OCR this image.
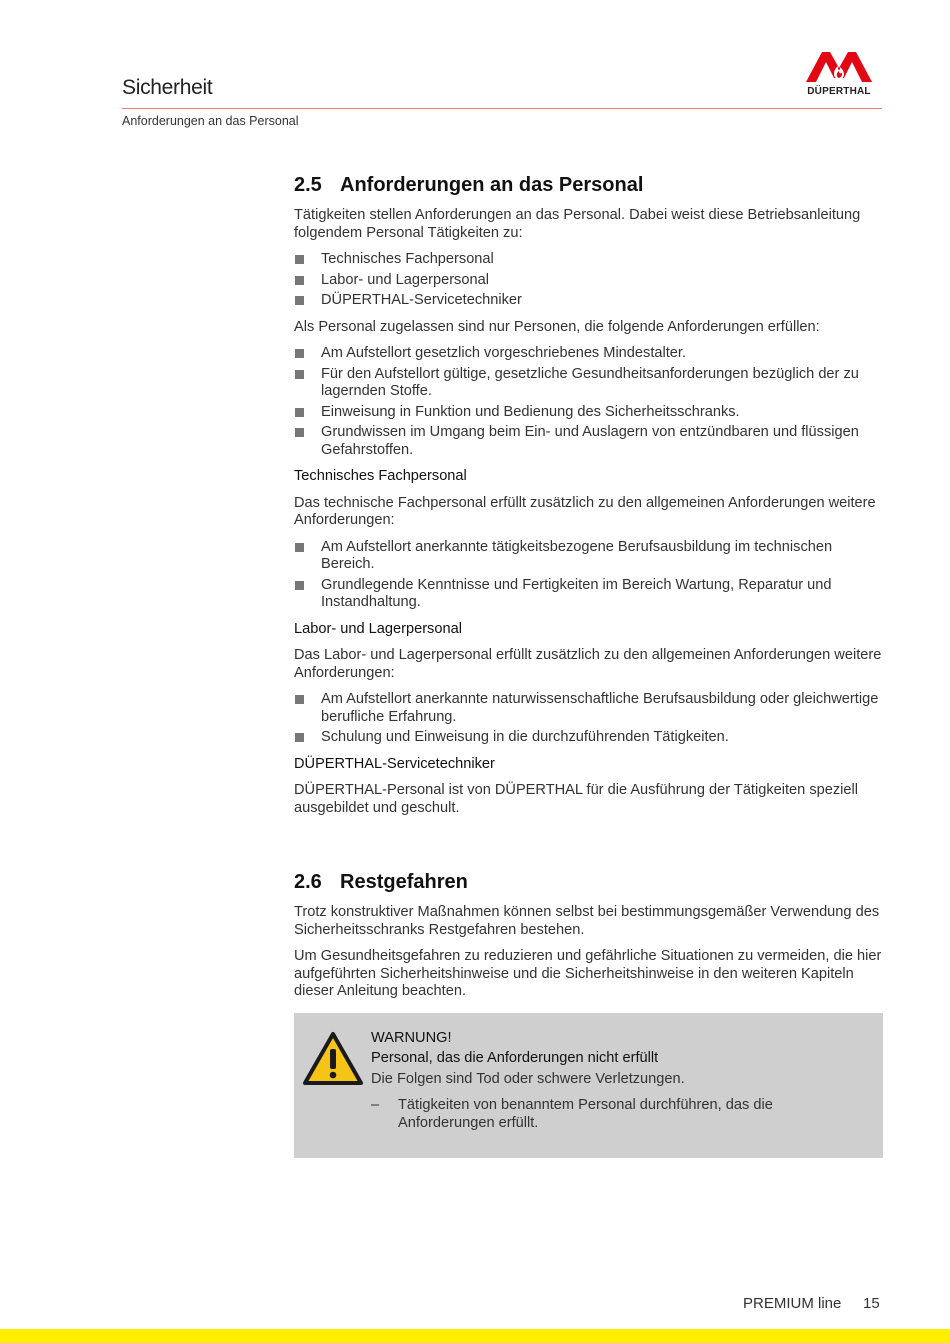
Sicherheit	DÜPERTHAL
Anforderungen an das Personal
2.5 Anforderungen an das Personal

Tätigkeiten stellen Anforderungen an das Personal. Dabei weist diese Betriebsanleitung folgendem Personal Tätigkeiten zu:

Technisches Fachpersonal
Labor- und Lagerpersonal
DÜPERTHAL-Servicetechniker

Als Personal zugelassen sind nur Personen, die folgende Anforderungen erfüllen:

Am Aufstellort gesetzlich vorgeschriebenes Mindestalter.
Für den Aufstellort gültige, gesetzliche Gesundheitsanforderungen bezüglich der zu lagernden Stoffe.
Einweisung in Funktion und Bedienung des Sicherheitsschranks.
Grundwissen im Umgang beim Ein- und Auslagern von entzündbaren und flüssigen Gefahrstoffen.
Technisches Fachpersonal

Das technische Fachpersonal erfüllt zusätzlich zu den allgemeinen Anforderungen weitere Anforderungen:

Am Aufstellort anerkannte tätigkeitsbezogene Berufsausbildung im technischen Bereich.
Grundlegende Kenntnisse und Fertigkeiten im Bereich Wartung, Reparatur und Instandhaltung.
Labor- und Lagerpersonal

Das Labor- und Lagerpersonal erfüllt zusätzlich zu den allgemeinen Anforderungen weitere Anforderungen:

Am Aufstellort anerkannte naturwissenschaftliche Berufsausbildung oder gleichwertige berufliche Erfahrung.
Schulung und Einweisung in die durchzuführenden Tätigkeiten.
DÜPERTHAL-Servicetechniker

DÜPERTHAL-Personal ist von DÜPERTHAL für die Ausführung der Tätigkeiten speziell ausgebildet und geschult.

2.6 Restgefahren

Trotz konstruktiver Maßnahmen können selbst bei bestimmungsgemäßer Verwendung des Sicherheitsschranks Restgefahren bestehen.

Um Gesundheitsgefahren zu reduzieren und gefährliche Situationen zu vermeiden, die hier aufgeführten Sicherheitshinweise und die Sicherheitshinweise in den weiteren Kapiteln dieser Anleitung beachten.

WARNUNG!
Personal, das die Anforderungen nicht erfüllt
Die Folgen sind Tod oder schwere Verletzungen.
– Tätigkeiten von benanntem Personal durchführen, das die Anforderungen erfüllt.
PREMIUM line 15
